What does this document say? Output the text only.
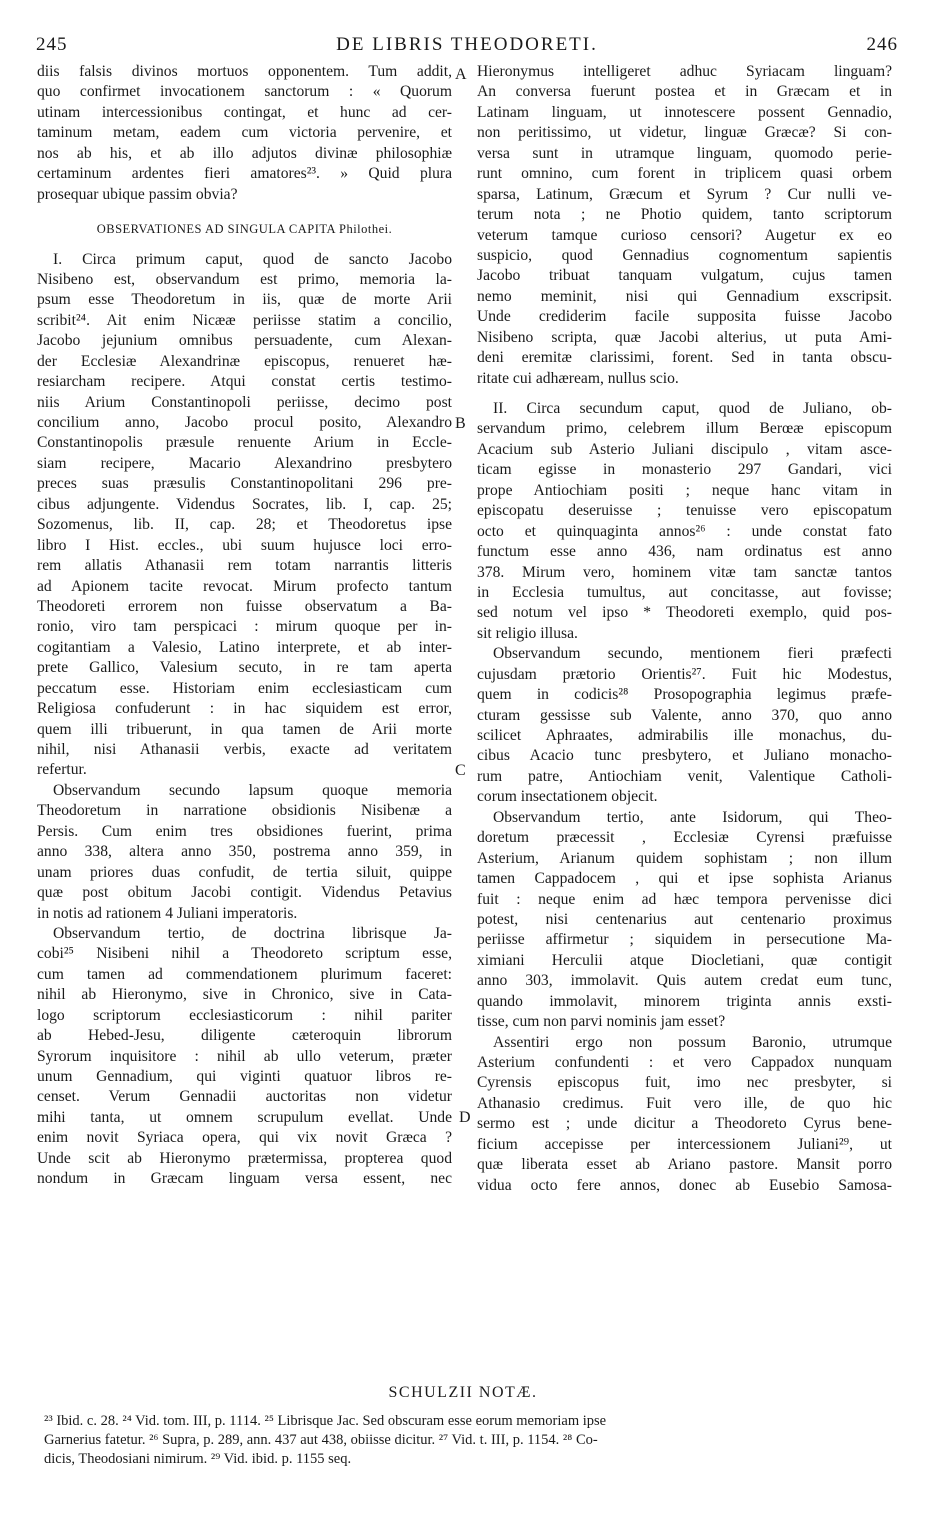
245	DE LIBRIS THEODORETI.	246
diis falsis divinos mortuos opponentem. Tum addit,
quo confirmet invocationem sanctorum : « Quorum
utinam intercessionibus contingat, et hunc ad cer-
taminum metam, eadem cum victoria pervenire, et
nos ab his, et ab illo adjutos divinæ philosophiæ
certaminum ardentes fieri amatores²³. » Quid plura
prosequar ubique passim obvia?
OBSERVATIONES AD SINGULA CAPITA Philothei.
I. Circa primum caput, quod de sancto Jacobo
Nisibeno est, observandum est primo, memoria la-
psum esse Theodoretum in iis, quæ de morte Arii
scribit²⁴. Ait enim Nicææ periisse statim a concilio,
Jacobo jejunium omnibus persuadente, cum Alexan-
der Ecclesiæ Alexandrinæ episcopus, renueret hæ-
resiarcham recipere. Atqui constat certis testimo-
niis Arium Constantinopoli periisse, decimo post
concilium anno, Jacobo procul posito, Alexandro
Constantinopolis præsule renuente Arium in Eccle-
siam recipere, Macario Alexandrino presbytero
preces suas præsulis Constantinopolitani 296 pre-
cibus adjungente. Videndus Socrates, lib. I, cap. 25;
Sozomenus, lib. II, cap. 28; et Theodoretus ipse
libro I Hist. eccles., ubi suum hujusce loci erro-
rem allatis Athanasii rem totam narrantis litteris
ad Apionem tacite revocat. Mirum profecto tantum
Theodoreti errorem non fuisse observatum a Ba-
ronio, viro tam perspicaci : mirum quoque per in-
cogitantiam a Valesio, Latino interprete, et ab inter-
prete Gallico, Valesium secuto, in re tam aperta
peccatum esse. Historiam enim ecclesiasticam cum
Religiosa confuderunt : in hac siquidem est error,
quem illi tribuerunt, in qua tamen de Arii morte
nihil, nisi Athanasii verbis, exacte ad veritatem
refertur.
Observandum secundo lapsum quoque memoria
Theodoretum in narratione obsidionis Nisibenæ a
Persis. Cum enim tres obsidiones fuerint, prima
anno 338, altera anno 350, postrema anno 359, in
unam priores duas confudit, de tertia siluit, quippe
quæ post obitum Jacobi contigit. Videndus Petavius
in notis ad rationem 4 Juliani imperatoris.
Observandum tertio, de doctrina librisque Ja-
cobi²⁵ Nisibeni nihil a Theodoreto scriptum esse,
cum tamen ad commendationem plurimum faceret:
nihil ab Hieronymo, sive in Chronico, sive in Cata-
logo scriptorum ecclesiasticorum : nihil pariter
ab Hebed-Jesu, diligente cæteroquin librorum
Syrorum inquisitore : nihil ab ullo veterum, præter
unum Gennadium, qui viginti quatuor libros re-
censet. Verum Gennadii auctoritas non videtur
mihi tanta, ut omnem scrupulum evellat. Unde
enim novit Syriaca opera, qui vix novit Græca ?
Unde scit ab Hieronymo prætermissa, propterea quod
nondum in Græcam linguam versa essent, nec
Hieronymus intelligeret adhuc Syriacam linguam?
An conversa fuerunt postea et in Græcam et in
Latinam linguam, ut innotescere possent Gennadio,
non peritissimo, ut videtur, linguæ Græcæ? Si con-
versa sunt in utramque linguam, quomodo perie-
runt omnino, cum forent in triplicem quasi orbem
sparsa, Latinum, Græcum et Syrum ? Cur nulli ve-
terum nota ; ne Photio quidem, tanto scriptorum
veterum tamque curioso censori? Augetur ex eo
suspicio, quod Gennadius cognomentum sapientis
Jacobo tribuat tanquam vulgatum, cujus tamen
nemo meminit, nisi qui Gennadium exscripsit.
Unde crediderim facile supposita fuisse Jacobo
Nisibeno scripta, quæ Jacobi alterius, ut puta Ami-
deni eremitæ clarissimi, forent. Sed in tanta obscu-
ritate cui adhæream, nullus scio.
II. Circa secundum caput, quod de Juliano, ob-
servandum primo, celebrem illum Berœæ episcopum
Acacium sub Asterio Juliani discipulo , vitam asce-
ticam egisse in monasterio 297 Gandari, vici
prope Antiochiam positi ; neque hanc vitam in
episcopatu deseruisse ; tenuisse vero episcopatum
octo et quinquaginta annos²⁶ : unde constat fato
functum esse anno 436, nam ordinatus est anno
378. Mirum vero, hominem vitæ tam sanctæ tantos
in Ecclesia tumultus, aut concitasse, aut fovisse;
sed notum vel ipso * Theodoreti exemplo, quid pos-
sit religio illusa.
Observandum secundo, mentionem fieri præfecti
cujusdam prætorio Orientis²⁷. Fuit hic Modestus,
quem in codicis²⁸ Prosopographia legimus præfe-
cturam gessisse sub Valente, anno 370, quo anno
scilicet Aphraates, admirabilis ille monachus, du-
cibus Acacio tunc presbytero, et Juliano monacho-
rum patre, Antiochiam venit, Valentique Catholi-
corum insectationem objecit.
Observandum tertio, ante Isidorum, qui Theo-
doretum præcessit , Ecclesiæ Cyrensi præfuisse
Asterium, Arianum quidem sophistam ; non illum
tamen Cappadocem , qui et ipse sophista Arianus
fuit : neque enim ad hæc tempora pervenisse dici
potest, nisi centenarius aut centenario proximus
periisse affirmetur ; siquidem in persecutione Ma-
ximiani Herculii atque Diocletiani, quæ contigit
anno 303, immolavit. Quis autem credat eum tunc,
quando immolavit, minorem triginta annis exsti-
tisse, cum non parvi nominis jam esset?
Assentiri ergo non possum Baronio, utrumque
Asterium confundenti : et vero Cappadox nunquam
Cyrensis episcopus fuit, imo nec presbyter, si
Athanasio credimus. Fuit vero ille, de quo hic
sermo est ; unde dicitur a Theodoreto Cyrus bene-
ficium accepisse per intercessionem Juliani²⁹, ut
quæ liberata esset ab Ariano pastore. Mansit porro
vidua octo fere annos, donec ab Eusebio Samosa-
A
B
C
D
SCHULZII NOTÆ.
²³ Ibid. c. 28. ²⁴ Vid. tom. III, p. 1114. ²⁵ Librisque Jac. Sed obscuram esse eorum memoriam ipse
Garnerius fatetur. ²⁶ Supra, p. 289, ann. 437 aut 438, obiisse dicitur. ²⁷ Vid. t. III, p. 1154. ²⁸ Co-
dicis, Theodosiani nimirum. ²⁹ Vid. ibid. p. 1155 seq.
